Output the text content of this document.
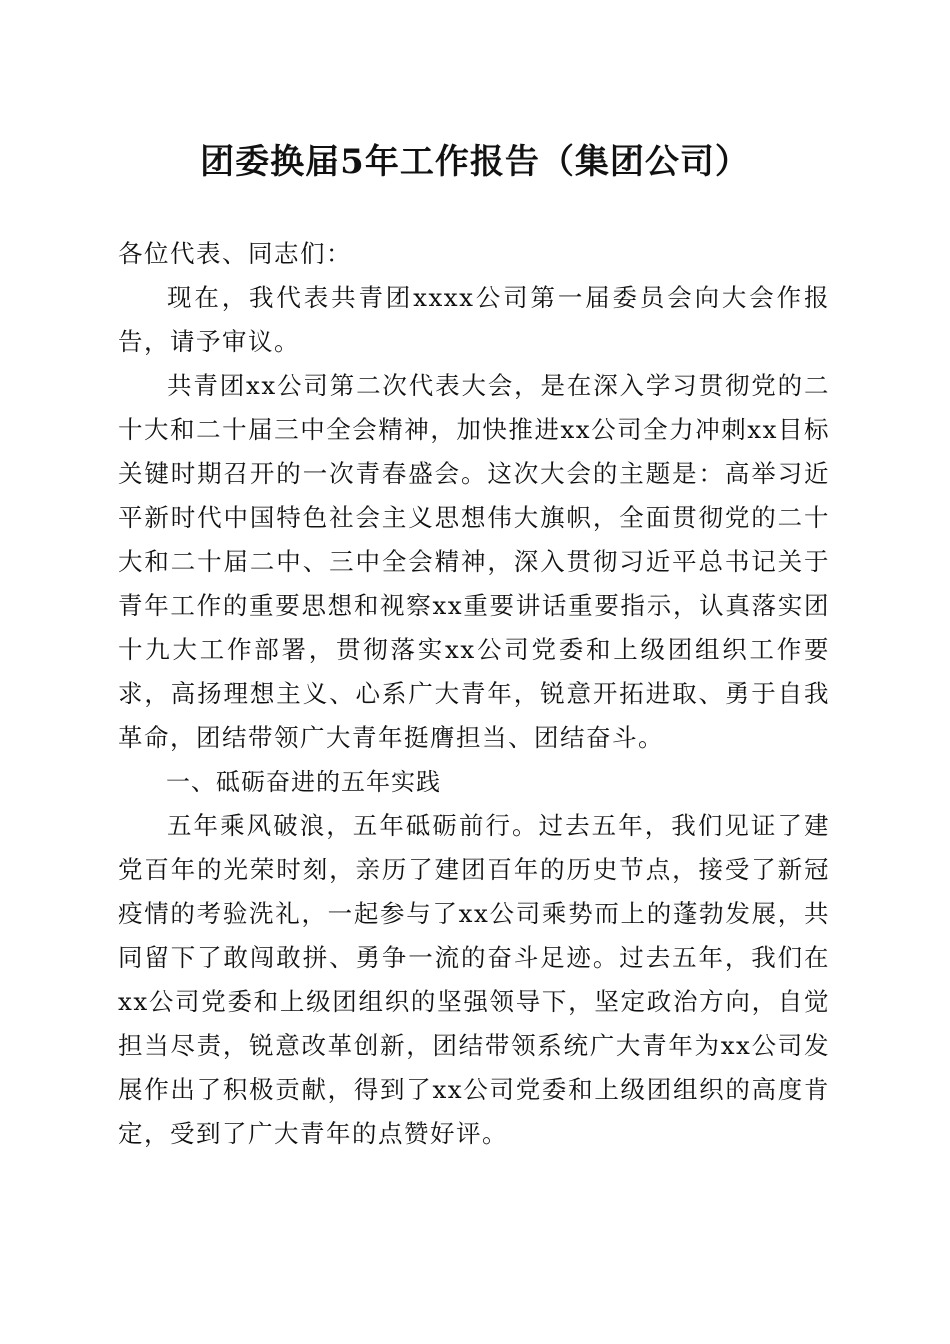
团委换届5年工作报告（集团公司）

各位代表、同志们：

现在，我代表共青团xxxx公司第一届委员会向大会作报告，请予审议。

共青团xx公司第二次代表大会，是在深入学习贯彻党的二十大和二十届三中全会精神，加快推进xx公司全力冲刺xx目标关键时期召开的一次青春盛会。这次大会的主题是：高举习近平新时代中国特色社会主义思想伟大旗帜，全面贯彻党的二十大和二十届二中、三中全会精神，深入贯彻习近平总书记关于青年工作的重要思想和视察xx重要讲话重要指示，认真落实团十九大工作部署，贯彻落实xx公司党委和上级团组织工作要求，高扬理想主义、心系广大青年，锐意开拓进取、勇于自我革命，团结带领广大青年挺膺担当、团结奋斗。

一、砥砺奋进的五年实践

五年乘风破浪，五年砥砺前行。过去五年，我们见证了建党百年的光荣时刻，亲历了建团百年的历史节点，接受了新冠疫情的考验洗礼，一起参与了xx公司乘势而上的蓬勃发展，共同留下了敢闯敢拼、勇争一流的奋斗足迹。过去五年，我们在xx公司党委和上级团组织的坚强领导下，坚定政治方向，自觉担当尽责，锐意改革创新，团结带领系统广大青年为xx公司发展作出了积极贡献，得到了xx公司党委和上级团组织的高度肯定，受到了广大青年的点赞好评。
